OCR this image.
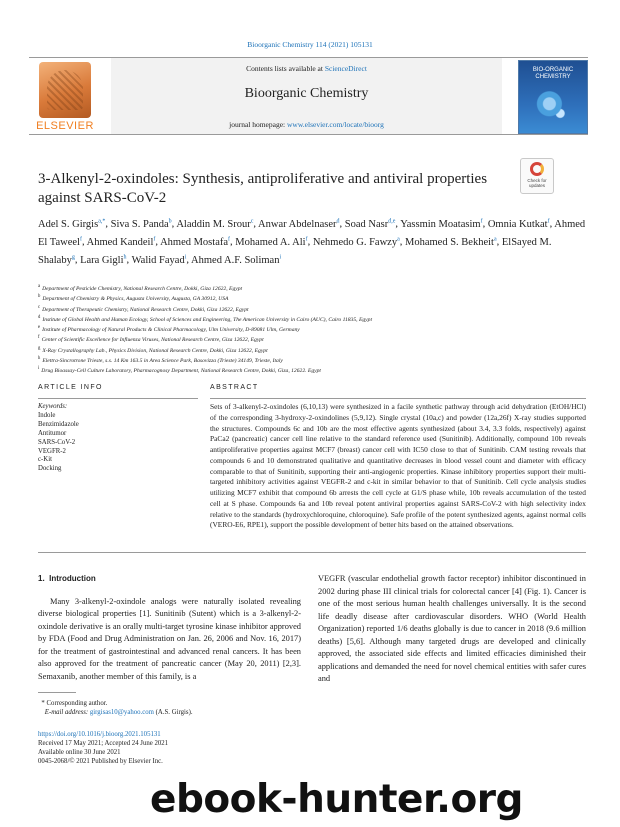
Bioorganic Chemistry 114 (2021) 105131
ELSEVIER
Contents lists available at ScienceDirect
Bioorganic Chemistry
journal homepage: www.elsevier.com/locate/bioorg
BIO-ORGANIC
CHEMISTRY
3-Alkenyl-2-oxindoles: Synthesis, antiproliferative and antiviral properties against SARS-CoV-2
Check for updates
Adel S. Girgis$^{a,*}$, Siva S. Panda$^b$, Aladdin M. Srour$^c$, Anwar Abdelnaser$^d$, Soad Nasr$^{d,e}$, Yassmin Moatasim$^f$, Omnia Kutkat$^f$, Ahmed El Taweel$^f$, Ahmed Kandeil$^f$, Ahmed Mostafa$^f$, Mohamed A. Ali$^f$, Nehmedo G. Fawzy$^a$, Mohamed S. Bekheit$^a$, ElSayed M. Shalaby$^g$, Lara Gigli$^h$, Walid Fayad$^i$, Ahmed A.F. Soliman$^i$
$^a$ Department of Pesticide Chemistry, National Research Centre, Dokki, Giza 12622, Egypt
$^b$ Department of Chemistry & Physics, Augusta University, Augusta, GA 30912, USA
$^c$ Department of Therapeutic Chemistry, National Research Centre, Dokki, Giza 12622, Egypt
$^d$ Institute of Global Health and Human Ecology, School of Sciences and Engineering, The American University in Cairo (AUC), Cairo 11835, Egypt
$^e$ Institute of Pharmacology of Natural Products & Clinical Pharmacology, Ulm University, D-89081 Ulm, Germany
$^f$ Center of Scientific Excellence for Influenza Viruses, National Research Centre, Giza 12622, Egypt
$^g$ X-Ray Crystallography Lab., Physics Division, National Research Centre, Dokki, Giza 12622, Egypt
$^h$ Elettra-Sincrotrone Trieste, s.s. 14 Km 163.5 in Area Science Park, Basovizza (Trieste) 34149, Trieste, Italy
$^i$ Drug Bioassay-Cell Culture Laboratory, Pharmacognosy Department, National Research Centre, Dokki, Giza, 12622. Egypt
ARTICLE INFO	ABSTRACT
Keywords:
Indole
Benzimidazole
Antitumor
SARS-CoV-2
VEGFR-2
c-Kit
Docking

Sets of 3-alkenyl-2-oxindoles (6,10,13) were synthesized in a facile synthetic pathway through acid dehydration (EtOH/HCl) of the corresponding 3-hydroxy-2-oxindolines (5,9,12). Single crystal (10a,c) and powder (12a,26f) X-ray studies supported the structures. Compounds 6c and 10b are the most effective agents synthesized (about 3.4, 3.3 folds, respectively) against PaCa2 (pancreatic) cancer cell line relative to the standard reference used (Sunitinib). Additionally, compound 10b reveals antiproliferative properties against MCF7 (breast) cancer cell with IC50 close to that of Sunitinib. CAM testing reveals that compounds 6 and 10 demonstrated qualitative and quantitative decreases in blood vessel count and diameter with efficacy comparable to that of Sunitinib, supporting their anti-angiogenic properties. Kinase inhibitory properties support their multi-targeted inhibitory activities against VEGFR-2 and c-kit in similar behavior to that of Sunitinib. Cell cycle analysis studies utilizing MCF7 exhibit that compound 6b arrests the cell cycle at G1/S phase while, 10b reveals accumulation of the tested cell at S phase. Compounds 6a and 10b reveal potent antiviral properties against SARS-CoV-2 with high selectivity index relative to the standards (hydroxychloroquine, chloroquine). Safe profile of the potent synthesized agents, against normal cells (VERO-E6, RPE1), support the possible development of better hits based on the attained observations.

1. Introduction

Many 3-alkenyl-2-oxindole analogs were naturally isolated revealing diverse biological properties [1]. Sunitinib (Sutent) which is a 3-alkenyl-2-oxindole derivative is an orally multi-target tyrosine kinase inhibitor approved by FDA (Food and Drug Administration on Jan. 26, 2006 and Nov. 16, 2017) for the treatment of gastrointestinal and advanced renal cancers. It has been also approved for the treatment of pancreatic cancer (May 20, 2011) [2,3]. Semaxanib, another member of this family, is a

VEGFR (vascular endothelial growth factor receptor) inhibitor discontinued in 2002 during phase III clinical trials for colorectal cancer [4] (Fig. 1). Cancer is one of the most serious human health challenges universally. It is the second life deadly disease after cardiovascular disorders. WHO (World Health Organization) reported 1/6 deaths globally is due to cancer in 2018 (9.6 million deaths) [5,6]. Although many targeted drugs are developed and clinically approved, the associated side effects and limited efficacies diminished their applications and demanded the need for novel chemical entities with safer cures and

* Corresponding author.
E-mail address: girgisas10@yahoo.com (A.S. Girgis).
https://doi.org/10.1016/j.bioorg.2021.105131
Received 17 May 2021; Accepted 24 June 2021
Available online 30 June 2021
0045-2068/© 2021 Published by Elsevier Inc.
ebook-hunter.org
